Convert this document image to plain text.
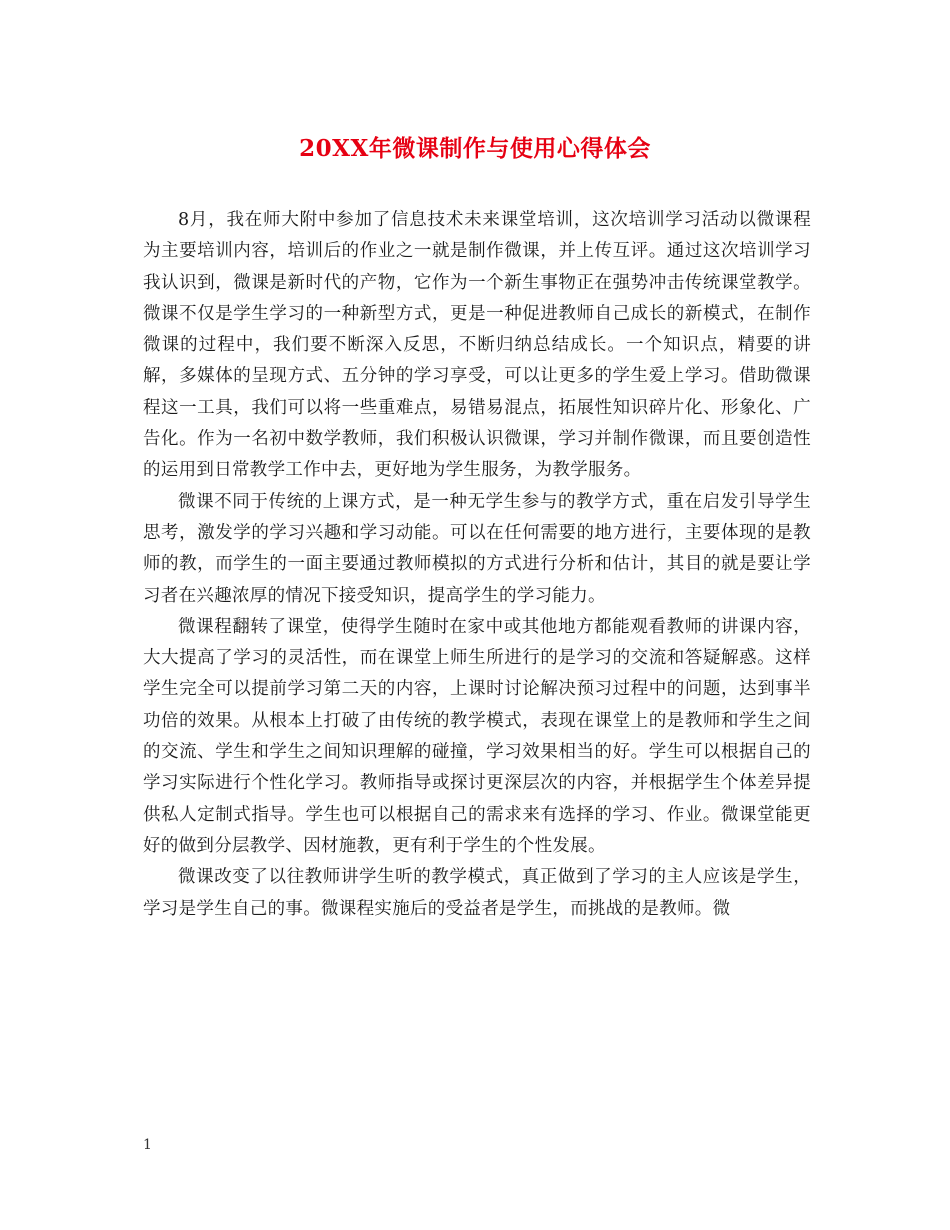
20XX年微课制作与使用心得体会

8月，我在师大附中参加了信息技术未来课堂培训，这次培训学习活动以微课程为主要培训内容，培训后的作业之一就是制作微课，并上传互评。通过这次培训学习我认识到，微课是新时代的产物，它作为一个新生事物正在强势冲击传统课堂教学。微课不仅是学生学习的一种新型方式，更是一种促进教师自己成长的新模式，在制作微课的过程中，我们要不断深入反思，不断归纳总结成长。一个知识点，精要的讲解，多媒体的呈现方式、五分钟的学习享受，可以让更多的学生爱上学习。借助微课程这一工具，我们可以将一些重难点，易错易混点，拓展性知识碎片化、形象化、广告化。作为一名初中数学教师，我们积极认识微课，学习并制作微课，而且要创造性的运用到日常教学工作中去，更好地为学生服务，为教学服务。

微课不同于传统的上课方式，是一种无学生参与的教学方式，重在启发引导学生思考，激发学的学习兴趣和学习动能。可以在任何需要的地方进行，主要体现的是教师的教，而学生的一面主要通过教师模拟的方式进行分析和估计，其目的就是要让学习者在兴趣浓厚的情况下接受知识，提高学生的学习能力。

微课程翻转了课堂，使得学生随时在家中或其他地方都能观看教师的讲课内容，大大提高了学习的灵活性，而在课堂上师生所进行的是学习的交流和答疑解惑。这样学生完全可以提前学习第二天的内容，上课时讨论解决预习过程中的问题，达到事半功倍的效果。从根本上打破了由传统的教学模式，表现在课堂上的是教师和学生之间的交流、学生和学生之间知识理解的碰撞，学习效果相当的好。学生可以根据自己的学习实际进行个性化学习。教师指导或探讨更深层次的内容，并根据学生个体差异提供私人定制式指导。学生也可以根据自己的需求来有选择的学习、作业。微课堂能更好的做到分层教学、因材施教，更有利于学生的个性发展。

微课改变了以往教师讲学生听的教学模式，真正做到了学习的主人应该是学生，学习是学生自己的事。微课程实施后的受益者是学生，而挑战的是教师。微

1
